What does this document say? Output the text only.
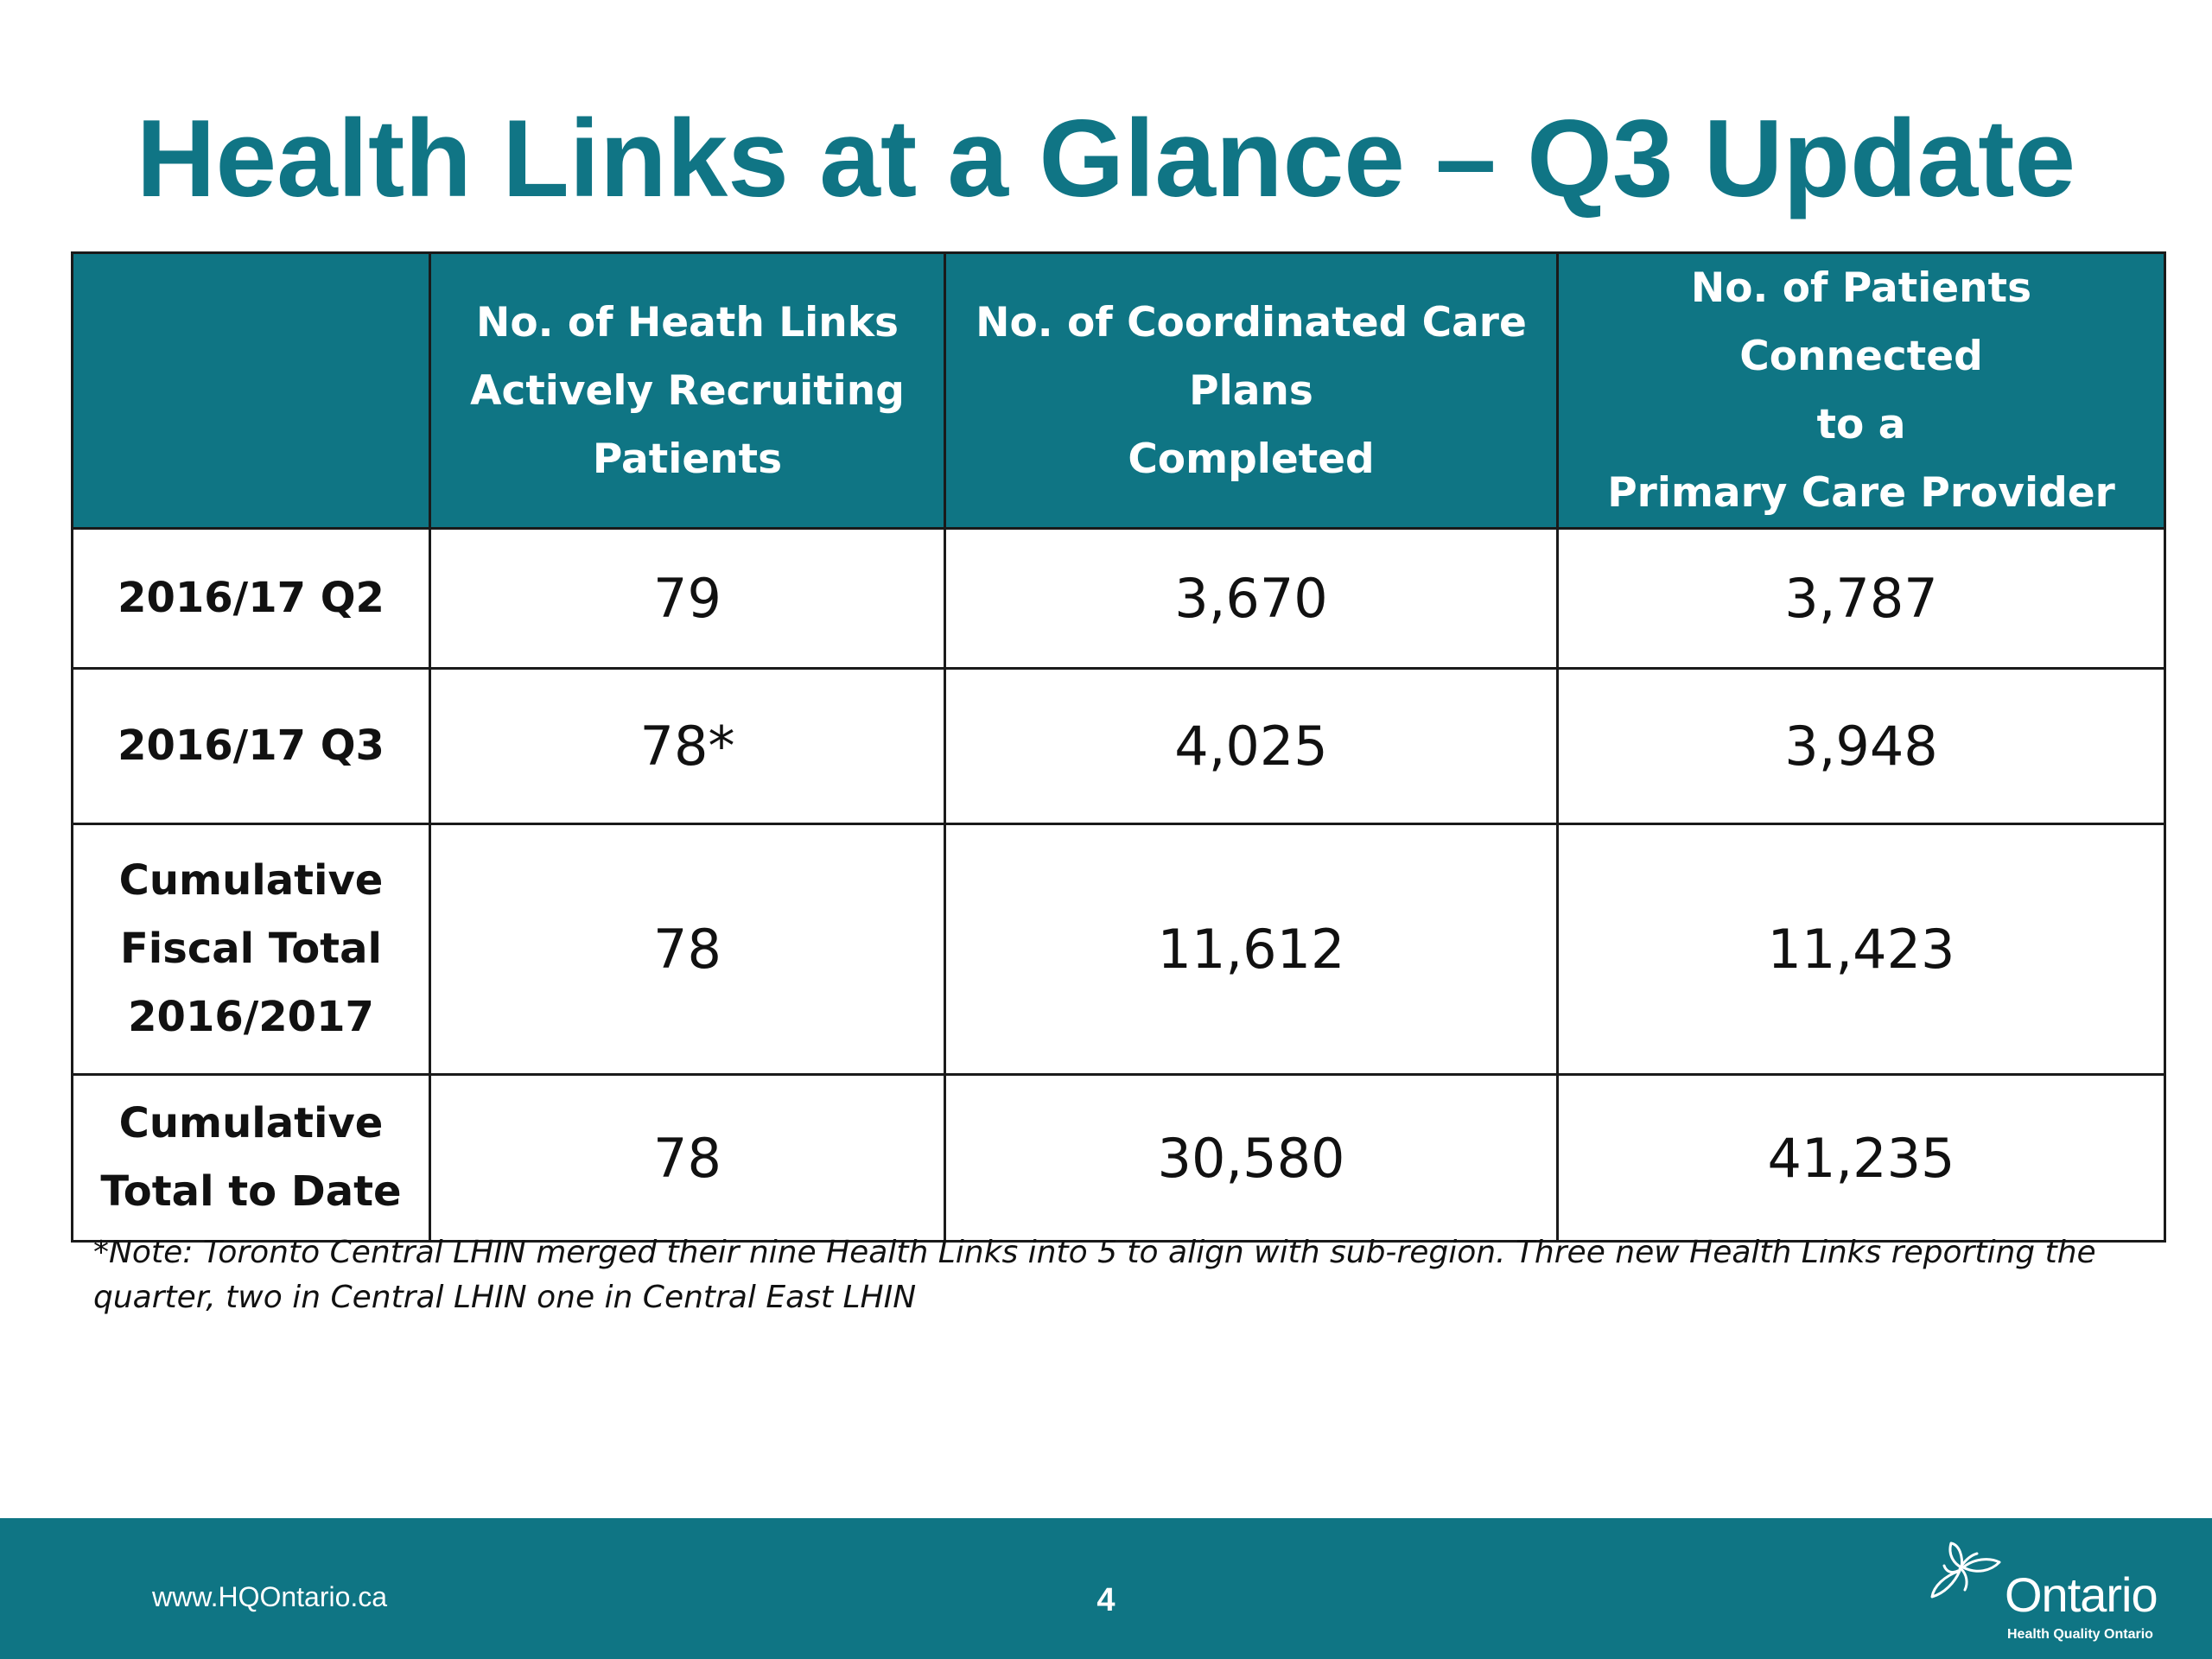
Health Links at a Glance – Q3 Update

	No. of Heath Links
Actively Recruiting
Patients	No. of Coordinated Care
Plans
Completed	No. of Patients Connected
to a
Primary Care Provider

2016/17 Q2	79	3,670	3,787

2016/17 Q3	78*	4,025	3,948

Cumulative
Fiscal Total
2016/2017	78	11,612	11,423

Cumulative
Total to Date	78	30,580	41,235

*Note: Toronto Central LHIN merged their nine Health Links into 5 to align with sub-region. Three new Health Links reporting the quarter, two in Central LHIN one in Central East LHIN

www.HQOntario.ca	4	Ontario
Health Quality Ontario
